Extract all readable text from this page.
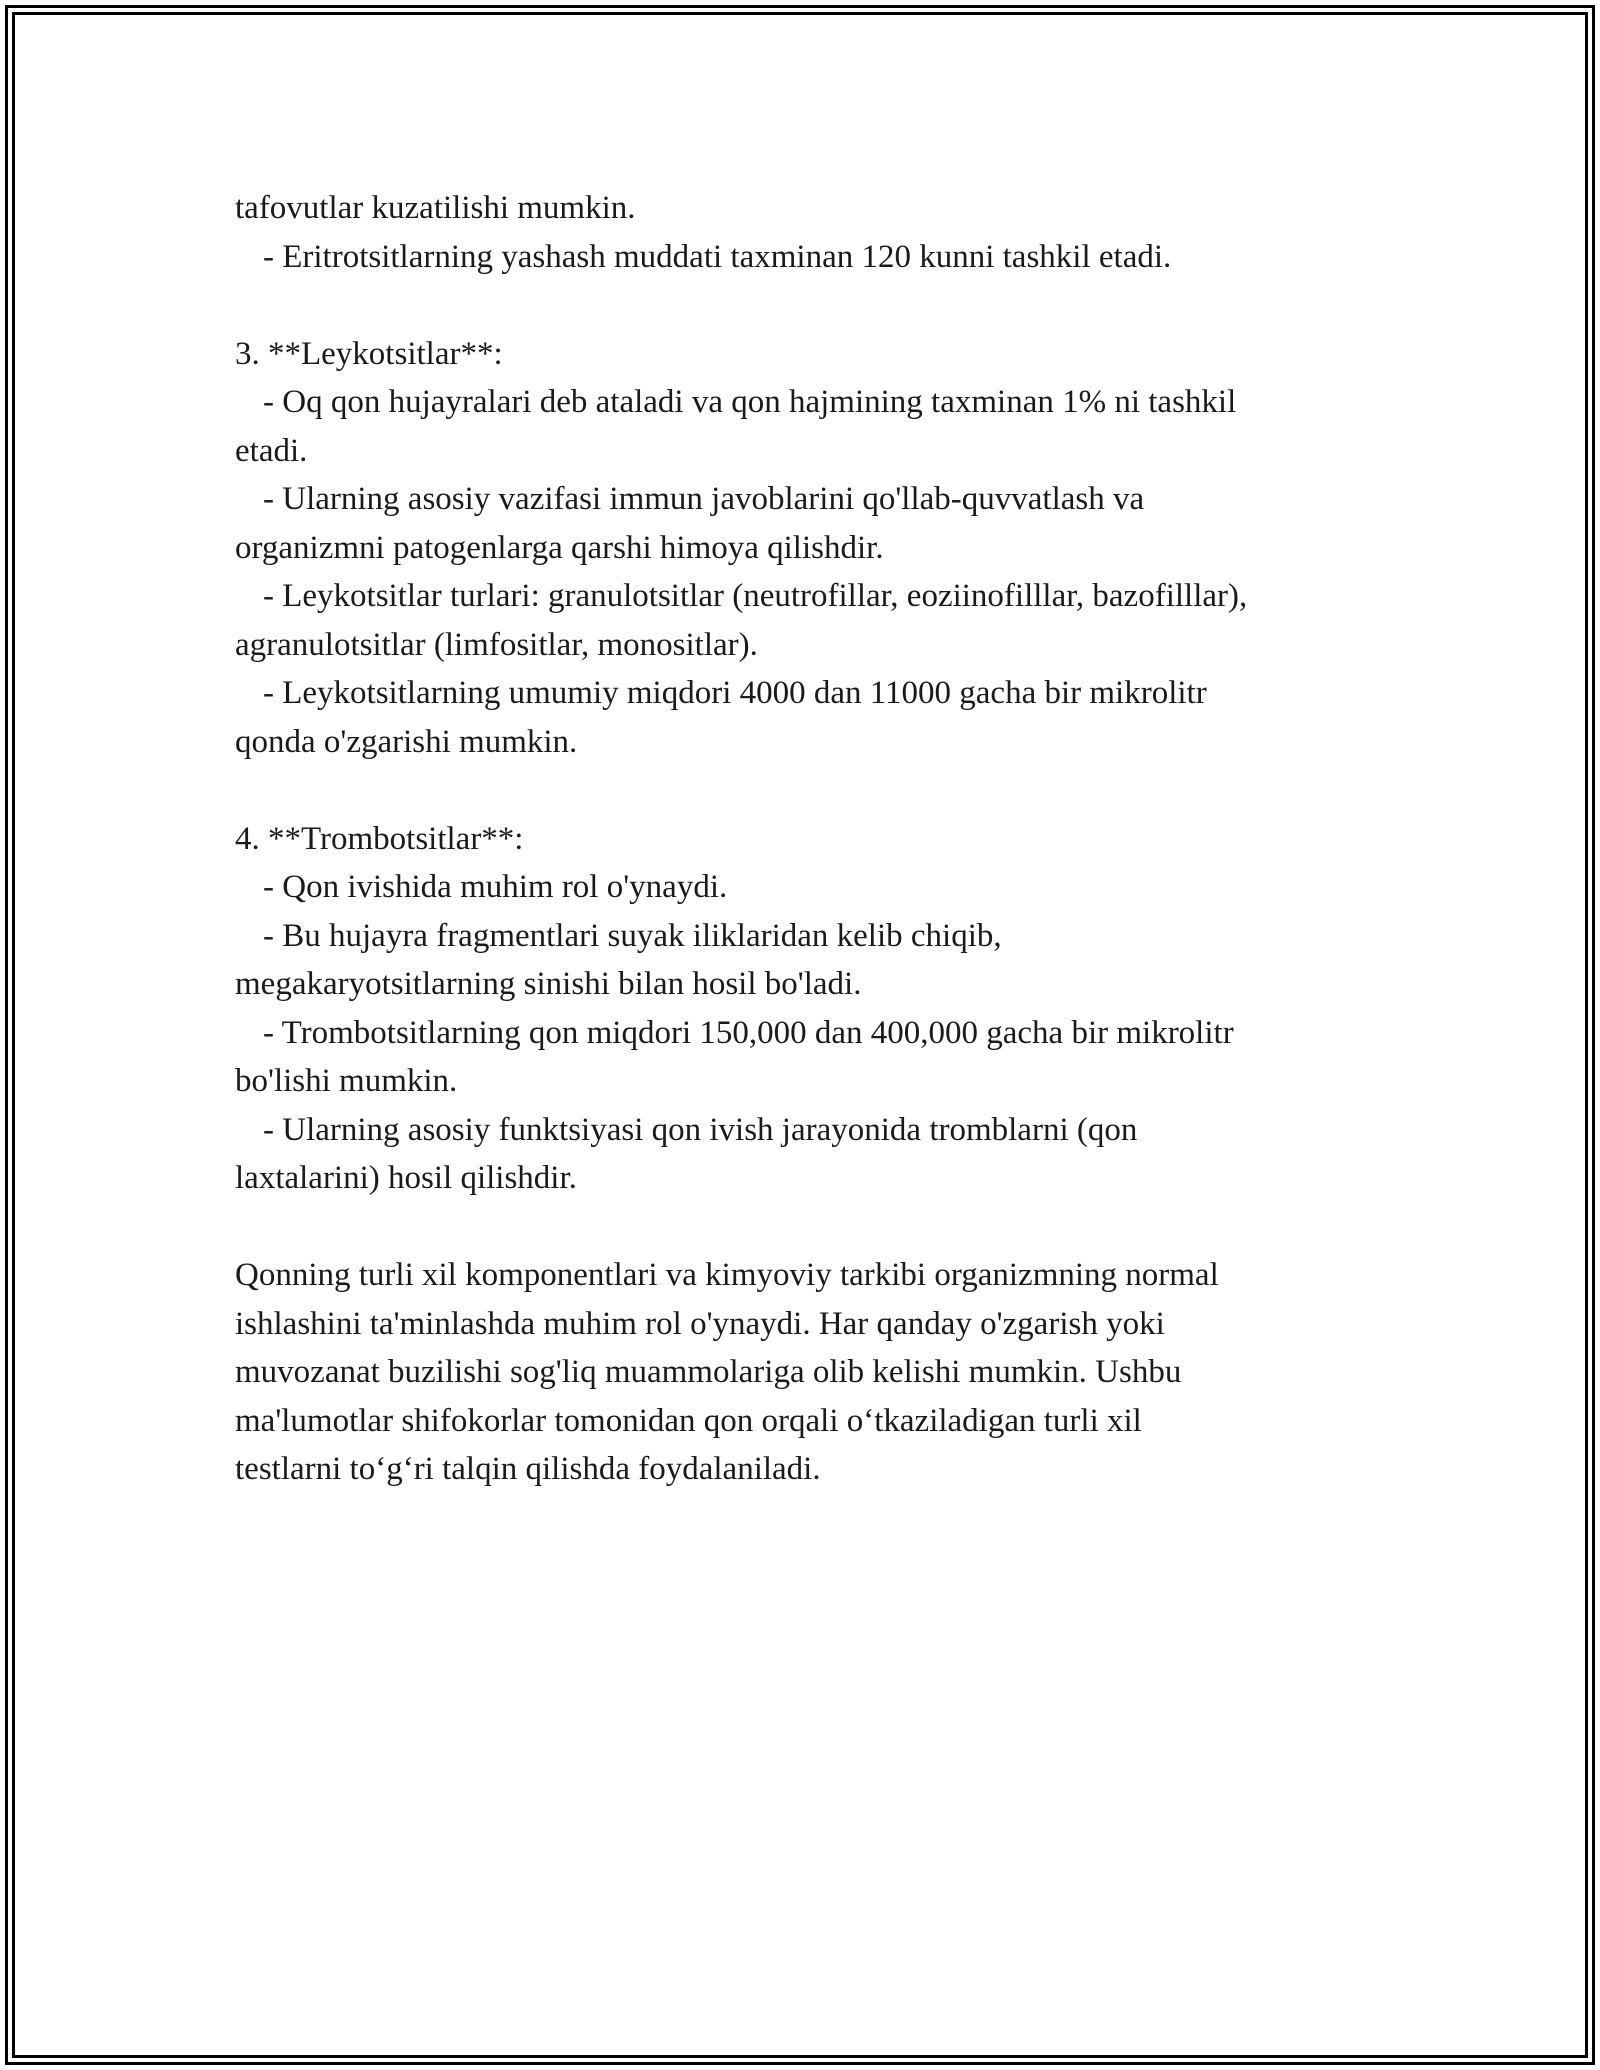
tafovutlar kuzatilishi mumkin.
- Eritrotsitlarning yashash muddati taxminan 120 kunni tashkil etadi.
3. **Leykotsitlar**:
- Oq qon hujayralari deb ataladi va qon hajmining taxminan 1% ni tashkil
etadi.
- Ularning asosiy vazifasi immun javoblarini qo'llab-quvvatlash va
organizmni patogenlarga qarshi himoya qilishdir.
- Leykotsitlar turlari: granulotsitlar (neutrofillar, eoziinofilllar, bazofilllar),
agranulotsitlar (limfositlar, monositlar).
- Leykotsitlarning umumiy miqdori 4000 dan 11000 gacha bir mikrolitr
qonda o'zgarishi mumkin.
4. **Trombotsitlar**:
- Qon ivishida muhim rol o'ynaydi.
- Bu hujayra fragmentlari suyak iliklaridan kelib chiqib,
megakaryotsitlarning sinishi bilan hosil bo'ladi.
- Trombotsitlarning qon miqdori 150,000 dan 400,000 gacha bir mikrolitr
bo'lishi mumkin.
- Ularning asosiy funktsiyasi qon ivish jarayonida tromblarni (qon
laxtalarini) hosil qilishdir.
Qonning turli xil komponentlari va kimyoviy tarkibi organizmning normal
ishlashini ta'minlashda muhim rol o'ynaydi. Har qanday o'zgarish yoki
muvozanat buzilishi sog'liq muammolariga olib kelishi mumkin. Ushbu
ma'lumotlar shifokorlar tomonidan qon orqali o‘tkaziladigan turli xil
testlarni to‘g‘ri talqin qilishda foydalaniladi.
